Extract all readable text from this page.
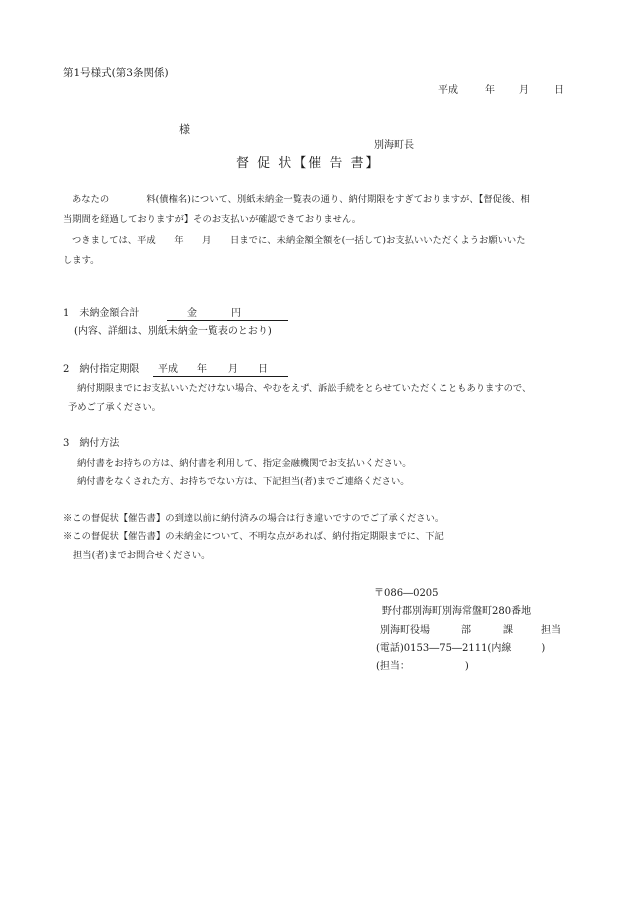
第1号様式(第3条関係)
平成	年 月	日
様
別海町長
督 促 状【催 告 書】
あなたの　　　　料(債権名)について、別紙未納金一覧表の通り、納付期限をすぎておりますが、【督促後、相
当期間を経過しておりますが】そのお支払いが確認できておりません。
つきましては、平成　　年　　月　　日までに、未納金額全額を(一括して)お支払いいただくようお願いいた
します。
1　未納金額合計	金	円
(内容、詳細は、別紙未納金一覧表のとおり)
2　納付指定期限 平成 年 月 日
納付期限までにお支払いいただけない場合、やむをえず、訴訟手続をとらせていただくこともありますので、
予めご了承ください。
3　納付方法
納付書をお持ちの方は、納付書を利用して、指定金融機関でお支払いください。
納付書をなくされた方、お持ちでない方は、下記担当(者)までご連絡ください。
※この督促状【催告書】の到達以前に納付済みの場合は行き違いですのでご了承ください。
※この督促状【催告書】の未納金について、不明な点があれば、納付指定期限までに、下記
担当(者)までお問合せください。
〒086―0205
野付郡別海町別海常盤町280番地
別海町役場	部	課	担当
(電話)0153―75―2111(内線　　　)
(担当：　　　　　　)
